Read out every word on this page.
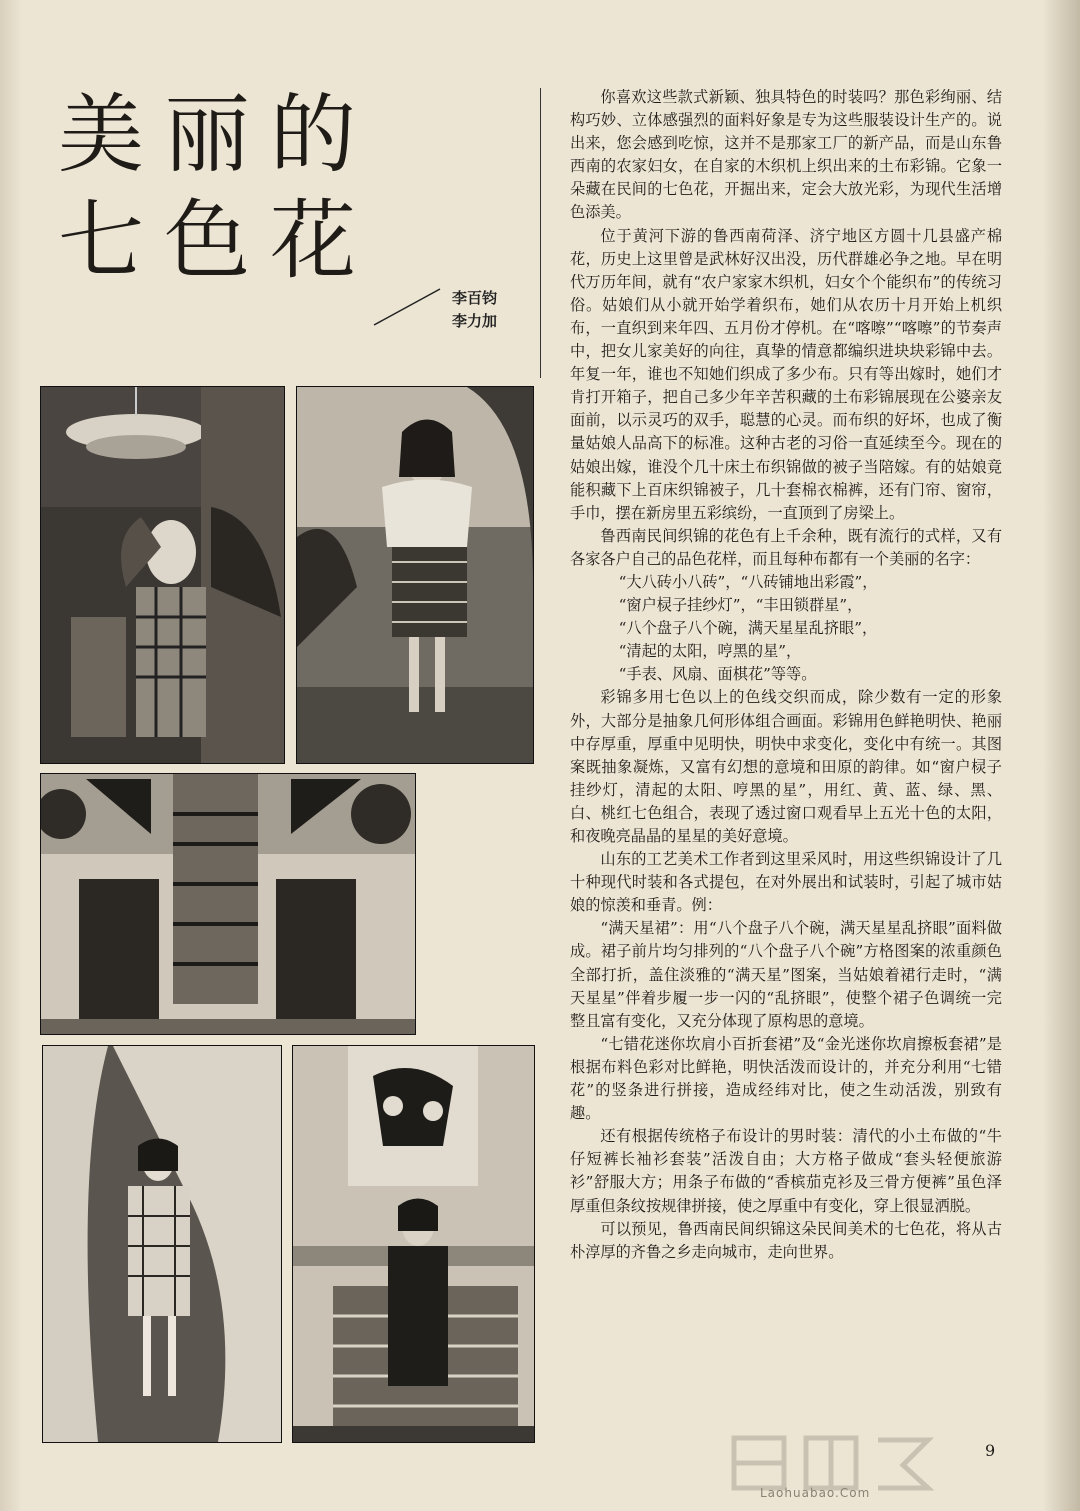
美丽的
七色花
李百钧
李力加

你喜欢这些款式新颖、独具特色的时装吗？那色彩绚丽、结构巧妙、立体感强烈的面料好象是专为这些服装设计生产的。说出来，您会感到吃惊，这并不是那家工厂的新产品，而是山东鲁西南的农家妇女，在自家的木织机上织出来的土布彩锦。它象一朵藏在民间的七色花，开掘出来，定会大放光彩，为现代生活增色添美。

位于黄河下游的鲁西南荷泽、济宁地区方圆十几县盛产棉花，历史上这里曾是武林好汉出没，历代群雄必争之地。早在明代万历年间，就有“农户家家木织机，妇女个个能织布”的传统习俗。姑娘们从小就开始学着织布，她们从农历十月开始上机织布，一直织到来年四、五月份才停机。在“喀嚓”“喀嚓”的节奏声中，把女儿家美好的向往，真挚的情意都编织进块块彩锦中去。年复一年，谁也不知她们织成了多少布。只有等出嫁时，她们才肯打开箱子，把自己多少年辛苦积藏的土布彩锦展现在公婆亲友面前，以示灵巧的双手，聪慧的心灵。而布织的好坏，也成了衡量姑娘人品高下的标准。这种古老的习俗一直延续至今。现在的姑娘出嫁，谁没个几十床土布织锦做的被子当陪嫁。有的姑娘竟能积藏下上百床织锦被子，几十套棉衣棉裤，还有门帘、窗帘，手巾，摆在新房里五彩缤纷，一直顶到了房梁上。

鲁西南民间织锦的花色有上千余种，既有流行的式样，又有各家各户自己的品色花样，而且每种布都有一个美丽的名字：

“大八砖小八砖”，“八砖铺地出彩霞”，

“窗户棂子挂纱灯”，“丰田锁群星”，

“八个盘子八个碗，满天星星乱挤眼”，

“清起的太阳，哼黑的星”，

“手表、风扇、面棋花”等等。

彩锦多用七色以上的色线交织而成，除少数有一定的形象外，大部分是抽象几何形体组合画面。彩锦用色鲜艳明快、艳丽中存厚重，厚重中见明快，明快中求变化，变化中有统一。其图案既抽象凝炼，又富有幻想的意境和田原的韵律。如“窗户棂子挂纱灯，清起的太阳、哼黑的星”，用红、黄、蓝、绿、黑、白、桃红七色组合，表现了透过窗口观看早上五光十色的太阳，和夜晚亮晶晶的星星的美好意境。

山东的工艺美术工作者到这里采风时，用这些织锦设计了几十种现代时装和各式提包，在对外展出和试装时，引起了城市姑娘的惊羡和垂青。例：

“满天星裙”：用“八个盘子八个碗，满天星星乱挤眼”面料做成。裙子前片均匀排列的“八个盘子八个碗”方格图案的浓重颜色全部打折，盖住淡雅的“满天星”图案，当姑娘着裙行走时，“满天星星”伴着步履一步一闪的“乱挤眼”，使整个裙子色调统一完整且富有变化，又充分体现了原构思的意境。

“七错花迷你坎肩小百折套裙”及“金光迷你坎肩擦板套裙”是根据布料色彩对比鲜艳，明快活泼而设计的，并充分利用“七错花”的竖条进行拼接，造成经纬对比，使之生动活泼，别致有趣。

还有根据传统格子布设计的男时装：清代的小土布做的“牛仔短裤长袖衫套装”活泼自由；大方格子做成“套头轻便旅游衫”舒服大方；用条子布做的“香槟茄克衫及三骨方便裤”虽色泽厚重但条纹按规律拼接，使之厚重中有变化，穿上很显洒脱。

可以预见，鲁西南民间织锦这朵民间美术的七色花，将从古朴淳厚的齐鲁之乡走向城市，走向世界。

Laohuabao.Com
9
